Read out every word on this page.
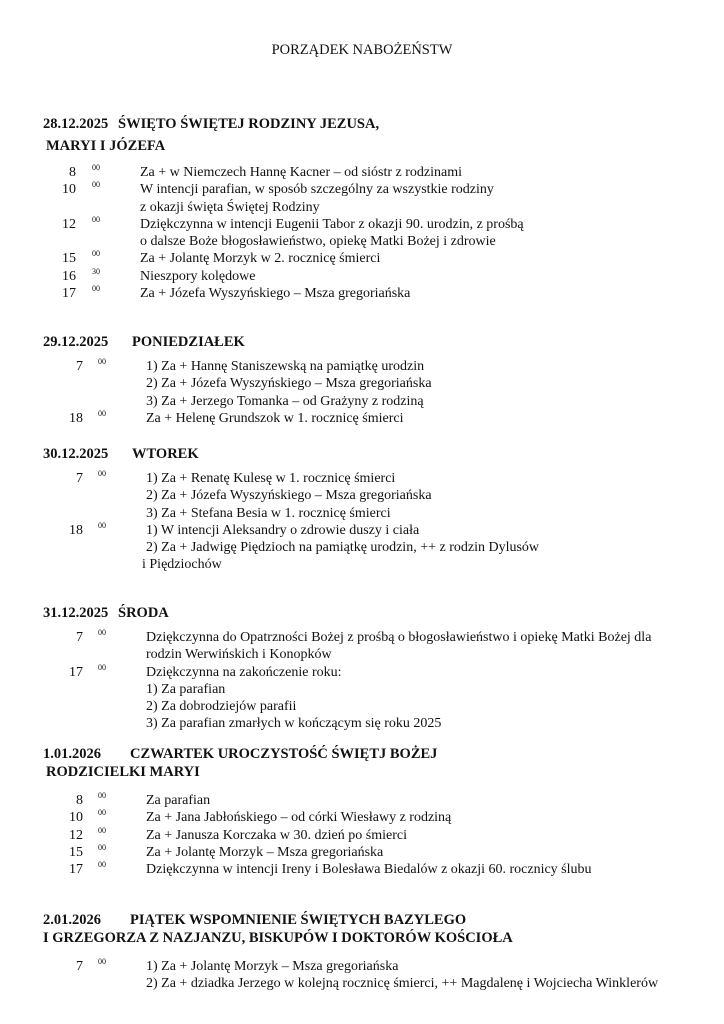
PORZĄDEK NABOŻEŃSTW
28.12.2025 ŚWIĘTO ŚWIĘTEJ RODZINY JEZUSA,
MARYI I JÓZEFA
8 00	Za + w Niemczech Hannę Kacner – od sióstr z rodzinami
10 00	W intencji parafian, w sposób szczególny za wszystkie rodziny
z okazji święta Świętej Rodziny
12 00	Dziękczynna w intencji Eugenii Tabor z okazji 90. urodzin, z prośbą
o dalsze Boże błogosławieństwo, opiekę Matki Bożej i zdrowie
15 00	Za + Jolantę Morzyk w 2. rocznicę śmierci
16 30	Nieszpory kolędowe
17 00	Za + Józefa Wyszyńskiego – Msza gregoriańska
29.12.2025 PONIEDZIAŁEK
7 00	1) Za + Hannę Staniszewską na pamiątkę urodzin
2) Za + Józefa Wyszyńskiego – Msza gregoriańska
3) Za + Jerzego Tomanka – od Grażyny z rodziną
18 00	Za + Helenę Grundszok w 1. rocznicę śmierci
30.12.2025 WTOREK
7 00	1) Za + Renatę Kulesę w 1. rocznicę śmierci
2) Za + Józefa Wyszyńskiego – Msza gregoriańska
3) Za + Stefana Besia w 1. rocznicę śmierci
18 00	1) W intencji Aleksandry o zdrowie duszy i ciała
2) Za + Jadwigę Piędzioch na pamiątkę urodzin, ++ z rodzin Dylusów
i Piędziochów
31.12.2025 ŚRODA
7 00	Dziękczynna do Opatrzności Bożej z prośbą o błogosławieństwo i opiekę Matki Bożej dla
rodzin Werwińskich i Konopków
17 00	Dziękczynna na zakończenie roku:
1) Za parafian
2) Za dobrodziejów parafii
3) Za parafian zmarłych w kończącym się roku 2025
1.01.2026 CZWARTEK UROCZYSTOŚĆ ŚWIĘTJ BOŻEJ
RODZICIELKI MARYI
8 00	Za parafian
10 00	Za + Jana Jabłońskiego – od córki Wiesławy z rodziną
12 00	Za + Janusza Korczaka w 30. dzień po śmierci
15 00	Za + Jolantę Morzyk – Msza gregoriańska
17 00	Dziękczynna w intencji Ireny i Bolesława Biedalów z okazji 60. rocznicy ślubu
2.01.2026 PIĄTEK WSPOMNIENIE ŚWIĘTYCH BAZYLEGO
I GRZEGORZA Z NAZJANZU, BISKUPÓW I DOKTORÓW KOŚCIOŁA
7 00	1) Za + Jolantę Morzyk – Msza gregoriańska
2) Za + dziadka Jerzego w kolejną rocznicę śmierci, ++ Magdalenę i Wojciecha Winklerów
